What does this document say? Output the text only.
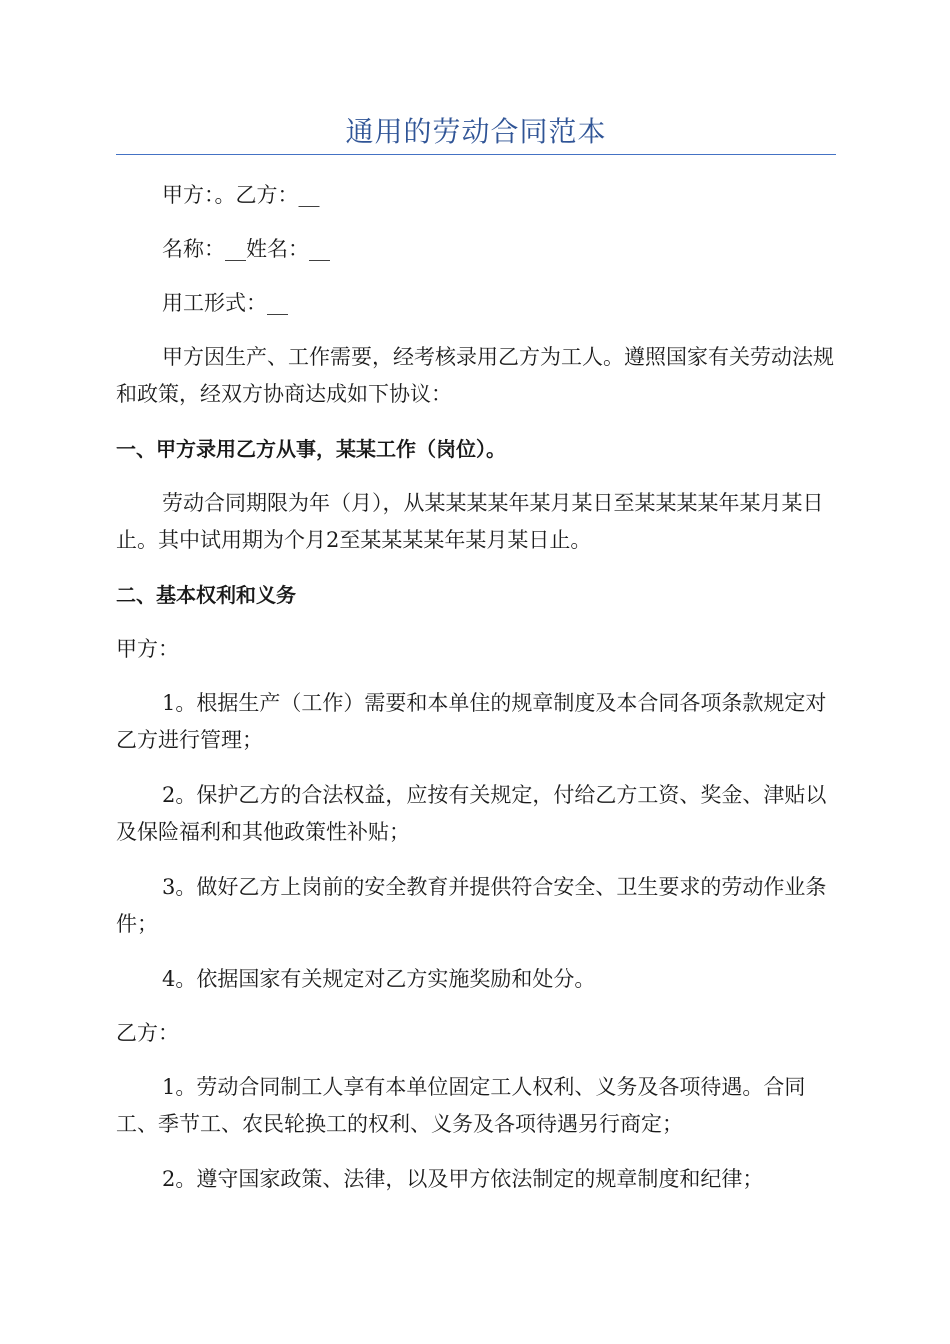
通用的劳动合同范本
甲方：。乙方：__
名称：__姓名：__
用工形式：__
甲方因生产、工作需要，经考核录用乙方为工人。遵照国家有关劳动法规和政策，经双方协商达成如下协议：
一、甲方录用乙方从事，某某工作（岗位）。
劳动合同期限为年（月），从某某某某年某月某日至某某某某年某月某日止。其中试用期为个月2至某某某某年某月某日止。
二、基本权利和义务
甲方：
1。根据生产（工作）需要和本单住的规章制度及本合同各项条款规定对乙方进行管理；
2。保护乙方的合法权益，应按有关规定，付给乙方工资、奖金、津贴以及保险福利和其他政策性补贴；
3。做好乙方上岗前的安全教育并提供符合安全、卫生要求的劳动作业条件；
4。依据国家有关规定对乙方实施奖励和处分。
乙方：
1。劳动合同制工人享有本单位固定工人权利、义务及各项待遇。合同工、季节工、农民轮换工的权利、义务及各项待遇另行商定；
2。遵守国家政策、法律，以及甲方依法制定的规章制度和纪律；
